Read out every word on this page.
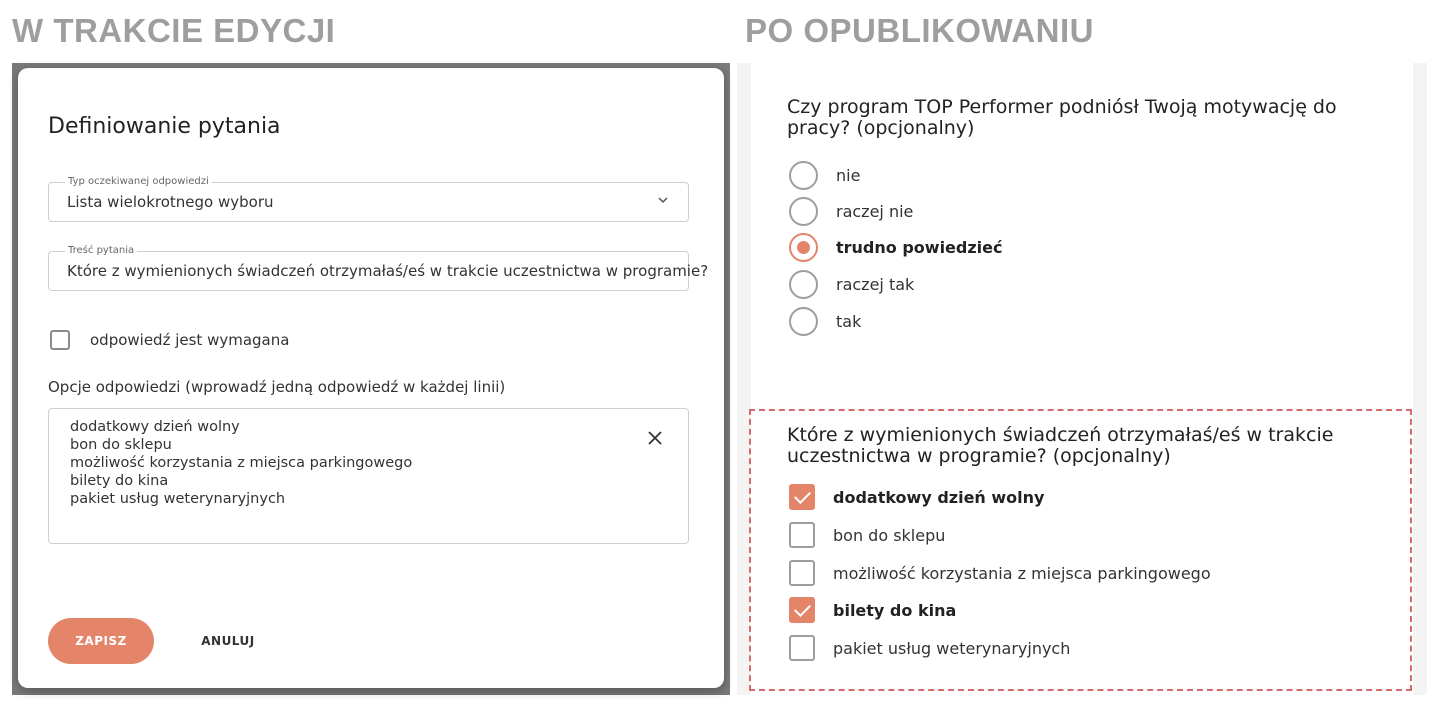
W TRAKCIE EDYCJI	PO OPUBLIKOWANIU
Definiowanie pytania
Typ oczekiwanej odpowiedzi
Lista wielokrotnego wyboru
Treść pytania
Które z wymienionych świadczeń otrzymałaś/eś w trakcie uczestnictwa w programie?
odpowiedź jest wymagana
Opcje odpowiedzi (wprowadź jedną odpowiedź w każdej linii)
dodatkowy dzień wolny
bon do sklepu
możliwość korzystania z miejsca parkingowego
bilety do kina
pakiet usług weterynaryjnych
ZAPISZ	ANULUJ
Czy program TOP Performer podniósł Twoją motywację do pracy? (opcjonalny)
nie
raczej nie
trudno powiedzieć
raczej tak
tak
Które z wymienionych świadczeń otrzymałaś/eś w trakcie uczestnictwa w programie? (opcjonalny)
dodatkowy dzień wolny
bon do sklepu
możliwość korzystania z miejsca parkingowego
bilety do kina
pakiet usług weterynaryjnych
